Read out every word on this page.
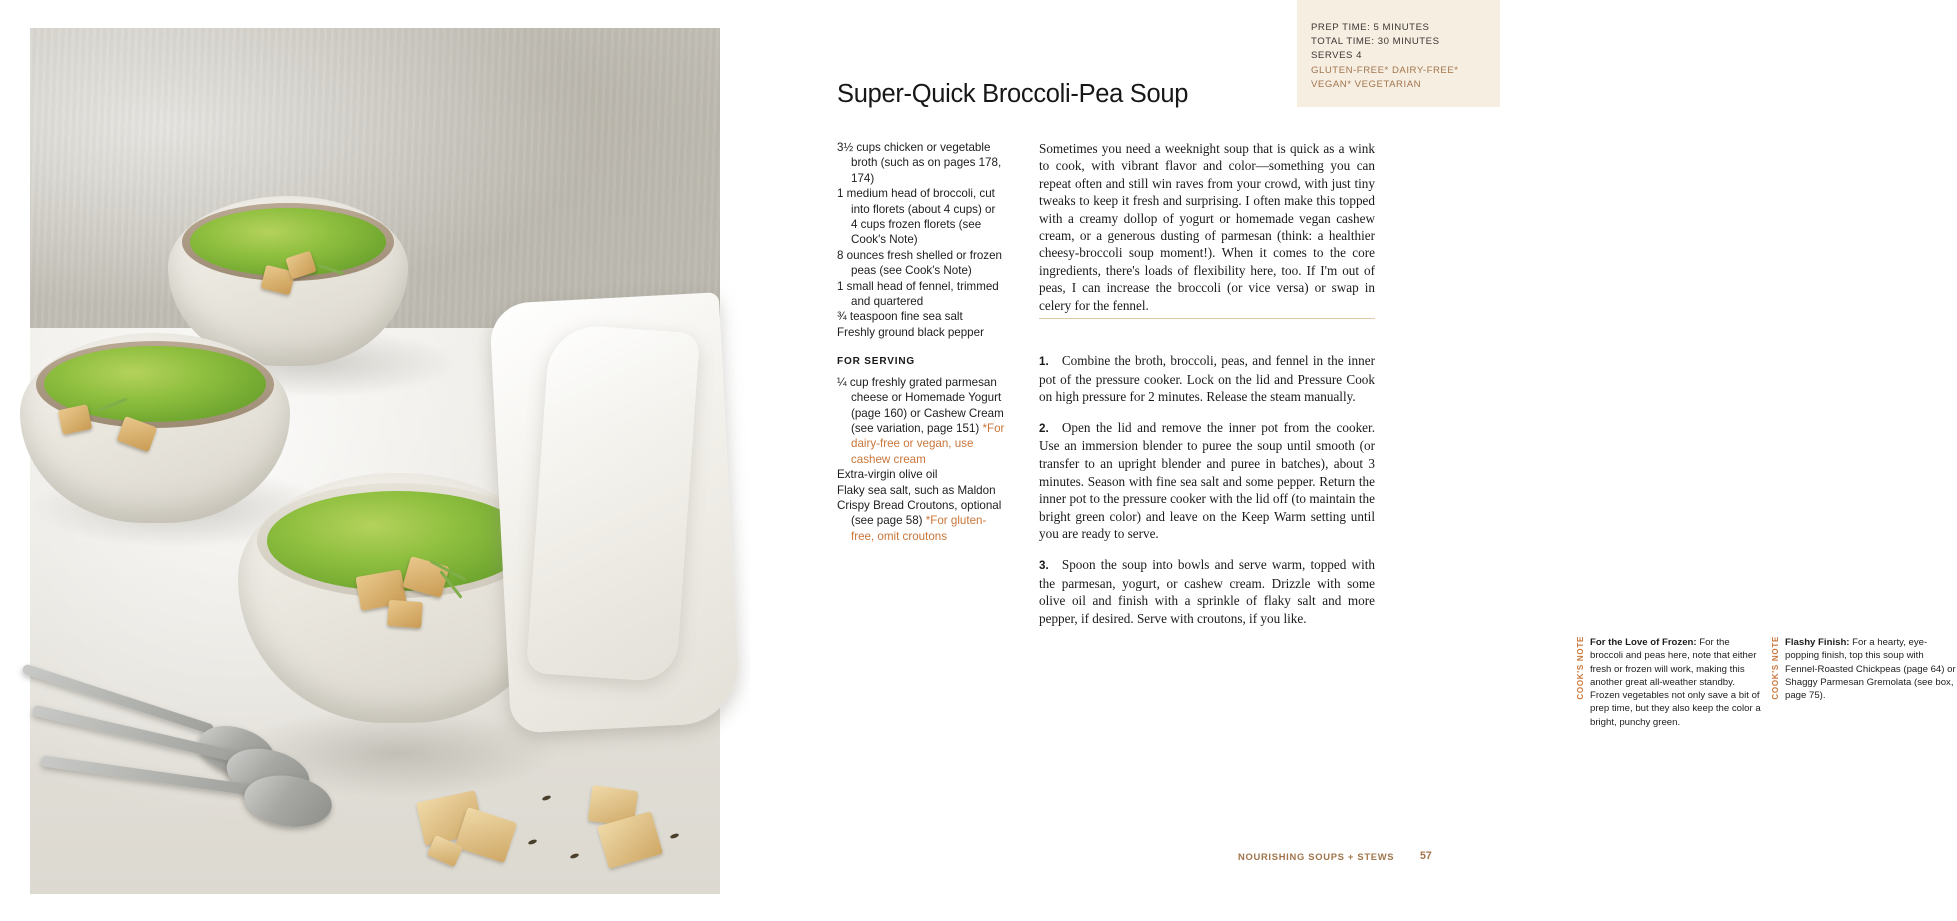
PREP TIME: 5 MINUTES
TOTAL TIME: 30 MINUTES
SERVES 4
GLUTEN-FREE* DAIRY-FREE*
VEGAN* VEGETARIAN
Super-Quick Broccoli-Pea Soup
3½ cups chicken or vegetable broth (such as on pages 178, 174)
1 medium head of broccoli, cut into florets (about 4 cups) or 4 cups frozen florets (see Cook's Note)
8 ounces fresh shelled or frozen peas (see Cook's Note)
1 small head of fennel, trimmed and quartered
¾ teaspoon fine sea salt
Freshly ground black pepper
FOR SERVING
¼ cup freshly grated parmesan cheese or Homemade Yogurt (page 160) or Cashew Cream (see variation, page 151) *For dairy-free or vegan, use cashew cream
Extra-virgin olive oil
Flaky sea salt, such as Maldon
Crispy Bread Croutons, optional (see page 58) *For gluten-free, omit croutons
Sometimes you need a weeknight soup that is quick as a wink to cook, with vibrant flavor and color—something you can repeat often and still win raves from your crowd, with just tiny tweaks to keep it fresh and surprising. I often make this topped with a creamy dollop of yogurt or homemade vegan cashew cream, or a generous dusting of parmesan (think: a healthier cheesy-broccoli soup moment!). When it comes to the core ingredients, there's loads of flexibility here, too. If I'm out of peas, I can increase the broccoli (or vice versa) or swap in celery for the fennel.

1. Combine the broth, broccoli, peas, and fennel in the inner pot of the pressure cooker. Lock on the lid and Pressure Cook on high pressure for 2 minutes. Release the steam manually.

2. Open the lid and remove the inner pot from the cooker. Use an immersion blender to puree the soup until smooth (or transfer to an upright blender and puree in batches), about 3 minutes. Season with fine sea salt and some pepper. Return the inner pot to the pressure cooker with the lid off (to maintain the bright green color) and leave on the Keep Warm setting until you are ready to serve.

3. Spoon the soup into bowls and serve warm, topped with the parmesan, yogurt, or cashew cream. Drizzle with some olive oil and finish with a sprinkle of flaky salt and more pepper, if desired. Serve with croutons, if you like.

COOK'S NOTE For the Love of Frozen: For the broccoli and peas here, note that either fresh or frozen will work, making this another great all-weather standby. Frozen vegetables not only save a bit of prep time, but they also keep the color a bright, punchy green.
COOK'S NOTE Flashy Finish: For a hearty, eye-popping finish, top this soup with Fennel-Roasted Chickpeas (page 64) or Shaggy Parmesan Gremolata (see box, page 75).
NOURISHING SOUPS + STEWS 57
